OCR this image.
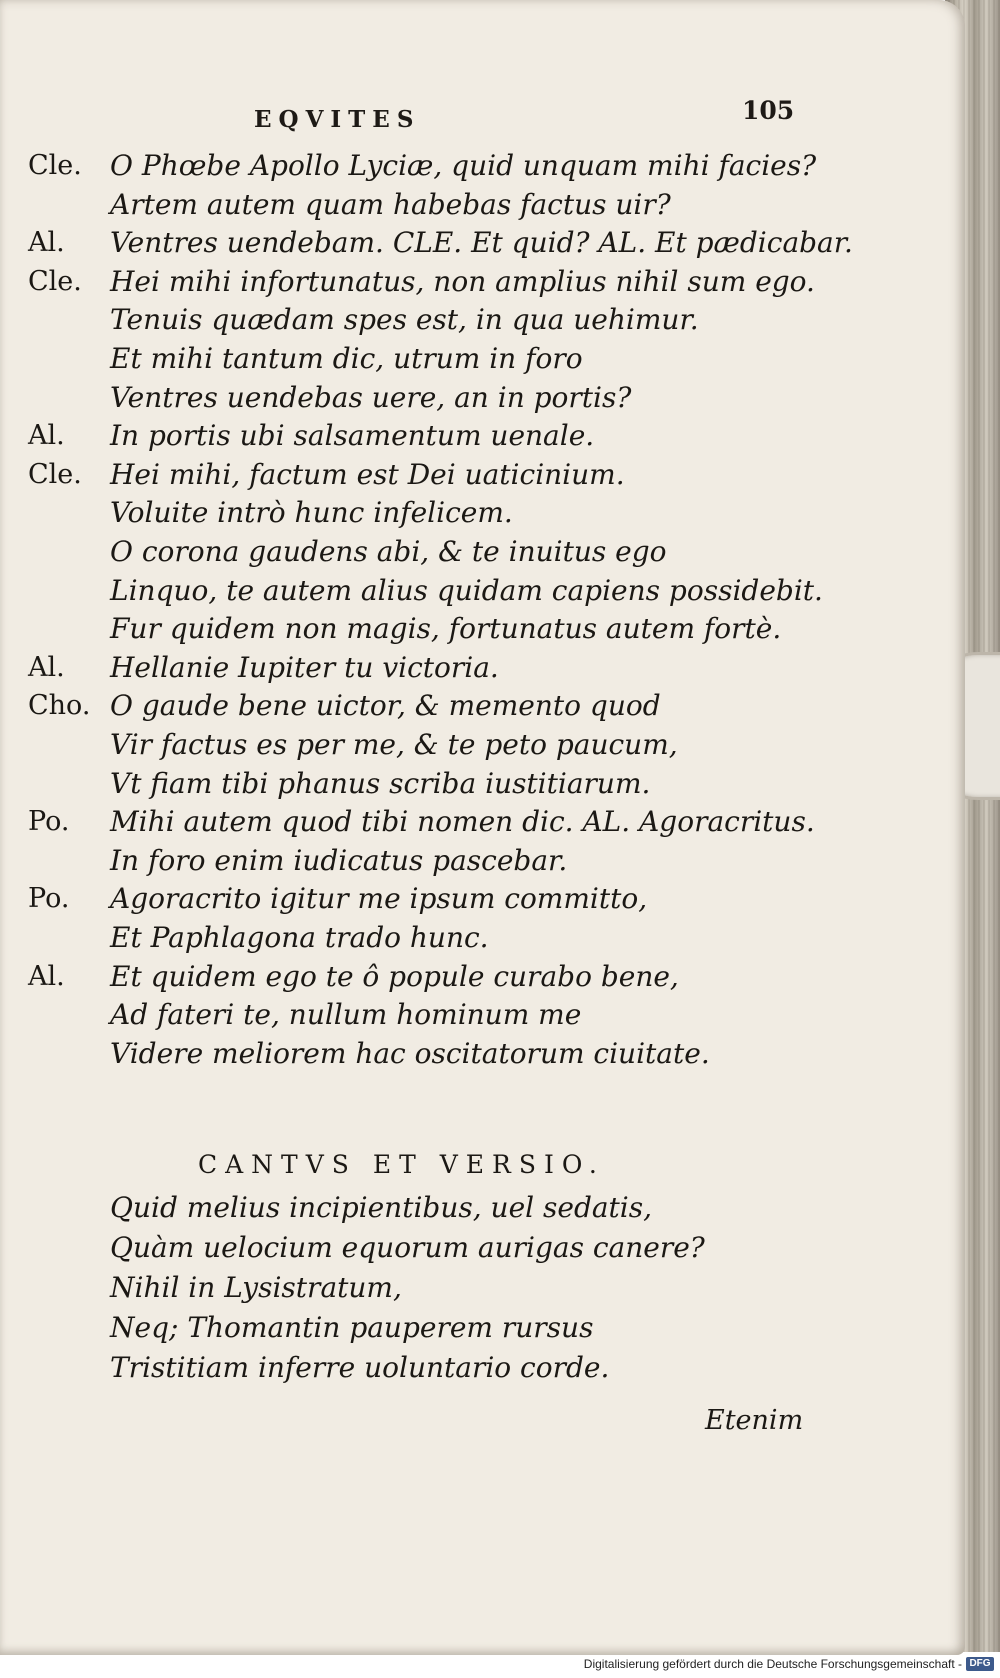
EQVITES	105
Cle. O Phœbe Apollo Lyciæ, quid unquam mihi facies?
Artem autem quam habebas factus uir?
Al. Ventres uendebam. CLE. Et quid? AL. Et pædicabar.
Cle. Hei mihi infortunatus, non amplius nihil sum ego.
Tenuis quædam spes est, in qua uehimur.
Et mihi tantum dic, utrum in foro
Ventres uendebas uere, an in portis?
Al. In portis ubi salsamentum uenale.
Cle. Hei mihi, factum est Dei uaticinium.
Voluite intrò hunc infelicem.
O corona gaudens abi, & te inuitus ego
Linquo, te autem alius quidam capiens possidebit.
Fur quidem non magis, fortunatus autem fortè.
Al. Hellanie Iupiter tu victoria.
Cho. O gaude bene uictor, & memento quod
Vir factus es per me, & te peto paucum,
Vt fiam tibi phanus scriba iustitiarum.
Po. Mihi autem quod tibi nomen dic. AL. Agoracritus.
In foro enim iudicatus pascebar.
Po. Agoracrito igitur me ipsum committo,
Et Paphlagona trado hunc.
Al. Et quidem ego te ô popule curabo bene,
Ad fateri te, nullum hominum me
Videre meliorem hac oscitatorum ciuitate.
CANTVS ET VERSIO.
Quid melius incipientibus, uel sedatis,
Quàm uelocium equorum aurigas canere?
Nihil in Lysistratum,
Neq; Thomantin pauperem rursus
Tristitiam inferre uoluntario corde.
Etenim
Digitalisierung gefördert durch die Deutsche Forschungsgemeinschaft - DFG
